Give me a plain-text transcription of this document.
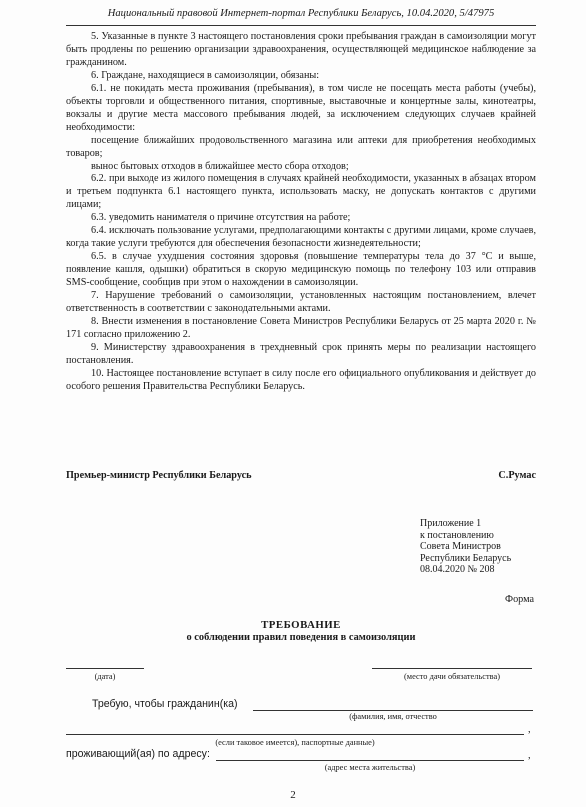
Национальный правовой Интернет-портал Республики Беларусь, 10.04.2020, 5/47975

5. Указанные в пункте 3 настоящего постановления сроки пребывания граждан в самоизоляции могут быть продлены по решению организации здравоохранения, осуществляющей медицинское наблюдение за гражданином.

6. Граждане, находящиеся в самоизоляции, обязаны:

6.1. не покидать места проживания (пребывания), в том числе не посещать места работы (учебы), объекты торговли и общественного питания, спортивные, выставочные и концертные залы, кинотеатры, вокзалы и другие места массового пребывания людей, за исключением следующих случаев крайней необходимости:

посещение ближайших продовольственного магазина или аптеки для приобретения необходимых товаров;

вынос бытовых отходов в ближайшее место сбора отходов;

6.2. при выходе из жилого помещения в случаях крайней необходимости, указанных в абзацах втором и третьем подпункта 6.1 настоящего пункта, использовать маску, не допускать контактов с другими лицами;

6.3. уведомить нанимателя о причине отсутствия на работе;

6.4. исключать пользование услугами, предполагающими контакты с другими лицами, кроме случаев, когда такие услуги требуются для обеспечения безопасности жизнедеятельности;

6.5. в случае ухудшения состояния здоровья (повышение температуры тела до 37 °С и выше, появление кашля, одышки) обратиться в скорую медицинскую помощь по телефону 103 или отправив SMS-сообщение, сообщив при этом о нахождении в самоизоляции.

7. Нарушение требований о самоизоляции, установленных настоящим постановлением, влечет ответственность в соответствии с законодательными актами.

8. Внести изменения в постановление Совета Министров Республики Беларусь от 25 марта 2020 г. № 171 согласно приложению 2.

9. Министерству здравоохранения в трехдневный срок принять меры по реализации настоящего постановления.

10. Настоящее постановление вступает в силу после его официального опубликования и действует до особого решения Правительства Республики Беларусь.

Премьер-министр Республики Беларусь	С.Румас
Приложение 1
к постановлению
Совета Министров
Республики Беларусь
08.04.2020 № 208
Форма
ТРЕБОВАНИЕ
о соблюдении правил поведения в самоизоляции
(дата)	(место дачи обязательства)
Требую, чтобы гражданин(ка)
(фамилия, имя, отчество
,
(если таковое имеется), паспортные данные)
проживающий(ая) по адресу:	,
(адрес места жительства)
2
